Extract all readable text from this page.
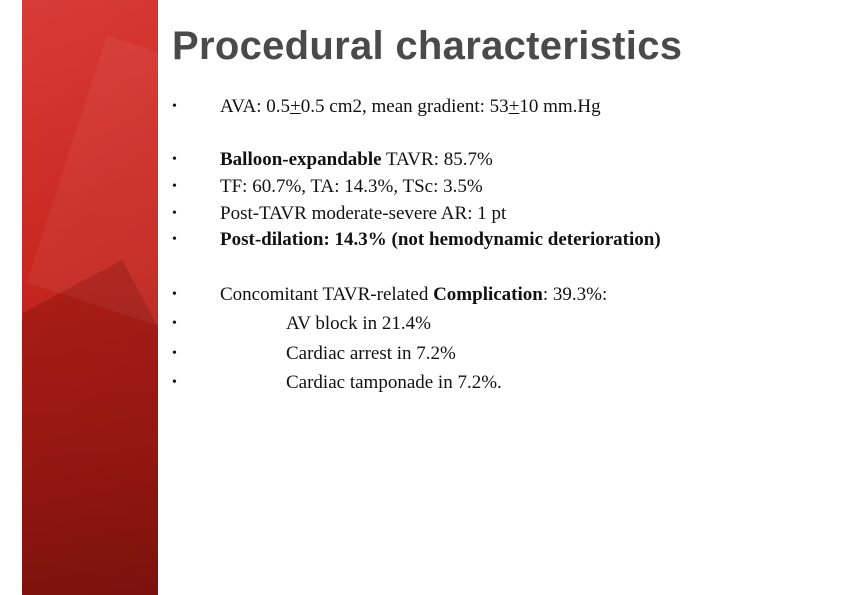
Procedural characteristics
• AVA: 0.5+0.5 cm2, mean gradient: 53+10 mm.Hg
• Balloon-expandable TAVR: 85.7%
• TF: 60.7%, TA: 14.3%, TSc: 3.5%
• Post-TAVR moderate-severe AR: 1 pt
• Post-dilation: 14.3% (not hemodynamic deterioration)
• Concomitant TAVR-related Complication: 39.3%:
•	AV block in 21.4%
•	Cardiac arrest in 7.2%
•	Cardiac tamponade in 7.2%.
